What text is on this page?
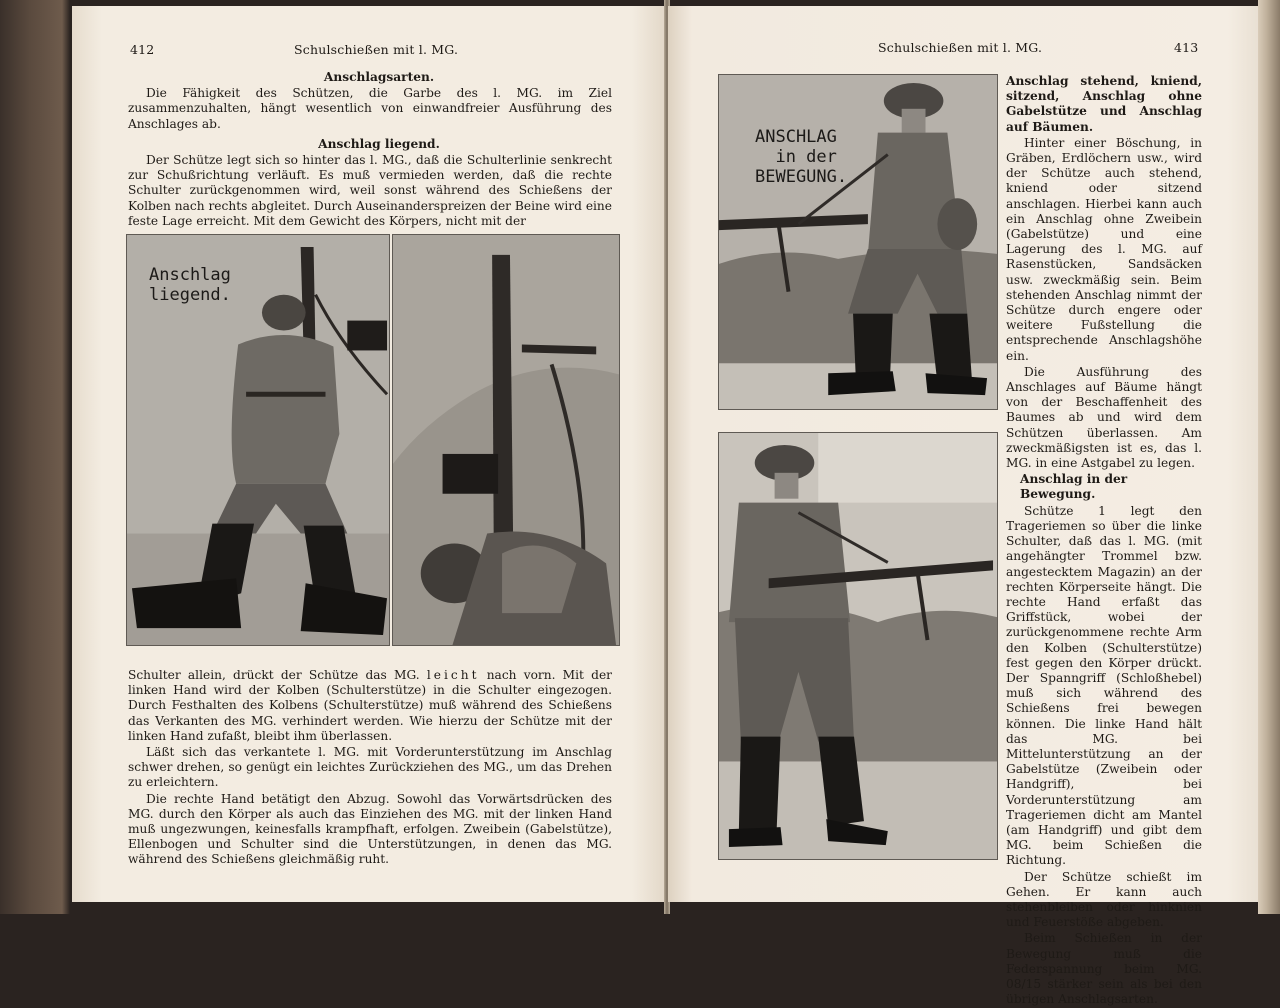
412	Schulschießen mit l. MG.

Anschlagsarten.

Die Fähigkeit des Schützen, die Garbe des l. MG. im Ziel zusammenzuhalten, hängt wesentlich von einwandfreier Ausführung des Anschlages ab.

Anschlag liegend.

Der Schütze legt sich so hinter das l. MG., daß die Schulterlinie senkrecht zur Schußrichtung verläuft. Es muß vermieden werden, daß die rechte Schulter zurückgenommen wird, weil sonst während des Schießens der Kolben nach rechts abgleitet. Durch Auseinanderspreizen der Beine wird eine feste Lage erreicht. Mit dem Gewicht des Körpers, nicht mit der

Anschlag
liegend.

Schulter allein, drückt der Schütze das MG. leicht nach vorn. Mit der linken Hand wird der Kolben (Schulterstütze) in die Schulter eingezogen. Durch Festhalten des Kolbens (Schulterstütze) muß während des Schießens das Verkanten des MG. verhindert werden. Wie hierzu der Schütze mit der linken Hand zufaßt, bleibt ihm überlassen.

Läßt sich das verkantete l. MG. mit Vorderunterstützung im Anschlag schwer drehen, so genügt ein leichtes Zurückziehen des MG., um das Drehen zu erleichtern.

Die rechte Hand betätigt den Abzug. Sowohl das Vorwärtsdrücken des MG. durch den Körper als auch das Einziehen des MG. mit der linken Hand muß ungezwungen, keinesfalls krampfhaft, erfolgen. Zweibein (Gabelstütze), Ellenbogen und Schulter sind die Unterstützungen, in denen das MG. während des Schießens gleichmäßig ruht.

Schulschießen mit l. MG.	413
ANSCHLAG
in der
BEWEGUNG.

Anschlag stehend, kniend, sitzend, Anschlag ohne Gabelstütze und Anschlag auf Bäumen.

Hinter einer Böschung, in Gräben, Erdlöchern usw., wird der Schütze auch stehend, kniend oder sitzend anschlagen. Hierbei kann auch ein Anschlag ohne Zweibein (Gabelstütze) und eine Lagerung des l. MG. auf Rasenstücken, Sandsäcken usw. zweckmäßig sein. Beim stehenden Anschlag nimmt der Schütze durch engere oder weitere Fußstellung die entsprechende Anschlagshöhe ein.

Die Ausführung des Anschlages auf Bäume hängt von der Beschaffenheit des Baumes ab und wird dem Schützen überlassen. Am zweckmäßigsten ist es, das l. MG. in eine Astgabel zu legen.

Anschlag in der Bewegung.

Schütze 1 legt den Trageriemen so über die linke Schulter, daß das l. MG. (mit angehängter Trommel bzw. angestecktem Magazin) an der rechten Körperseite hängt. Die rechte Hand erfaßt das Griffstück, wobei der zurückgenommene rechte Arm den Kolben (Schulterstütze) fest gegen den Körper drückt. Der Spanngriff (Schloßhebel) muß sich während des Schießens frei bewegen können. Die linke Hand hält das MG. bei Mittelunterstützung an der Gabelstütze (Zweibein oder Handgriff), bei Vorderunterstützung am Trageriemen dicht am Mantel (am Handgriff) und gibt dem MG. beim Schießen die Richtung.

Der Schütze schießt im Gehen. Er kann auch stehenbleiben oder hinknien und Feuerstöße abgeben.

Beim Schießen in der Bewegung muß die Federspannung beim MG. 08/15 stärker sein als bei den übrigen Anschlagsarten.
